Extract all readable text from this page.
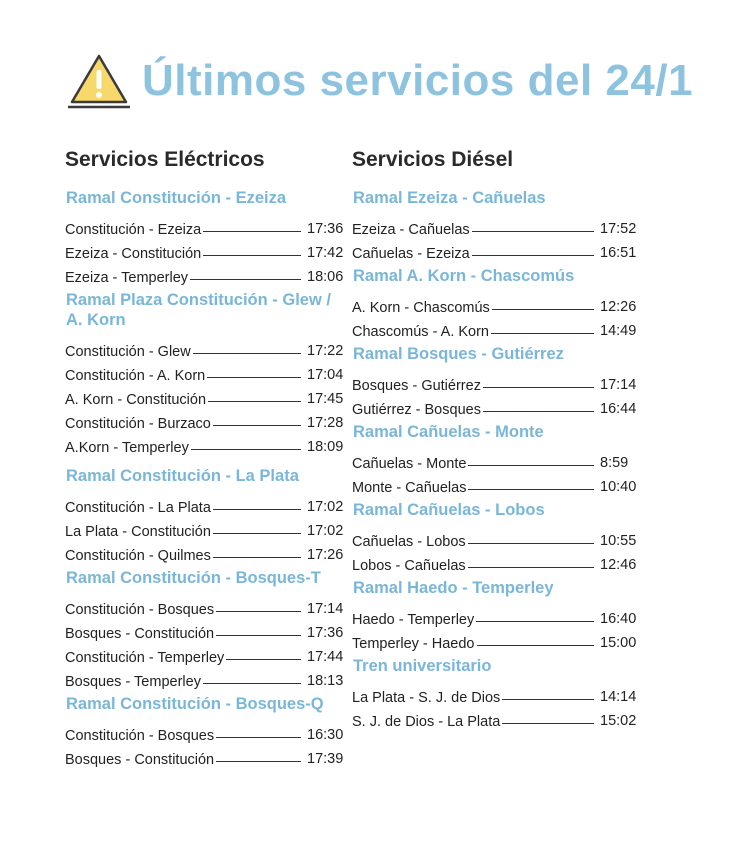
Últimos servicios del 24/1
Servicios Eléctricos
Ramal Constitución - Ezeiza
Constitución - Ezeiza	17:36
Ezeiza - Constitución	17:42
Ezeiza - Temperley	18:06
Ramal Plaza Constitución - Glew / A. Korn
Constitución - Glew	17:22
Constitución - A. Korn	17:04
A. Korn - Constitución	17:45
Constitución - Burzaco	17:28
A.Korn - Temperley	18:09
Ramal Constitución - La Plata
Constitución - La Plata	17:02
La Plata - Constitución	17:02
Constitución - Quilmes	17:26
Ramal Constitución - Bosques-T
Constitución - Bosques	17:14
Bosques - Constitución	17:36
Constitución - Temperley	17:44
Bosques - Temperley	18:13
Ramal Constitución - Bosques-Q
Constitución - Bosques	16:30
Bosques - Constitución	17:39
Servicios Diésel
Ramal Ezeiza - Cañuelas
Ezeiza - Cañuelas	17:52
Cañuelas - Ezeiza	16:51
Ramal A. Korn - Chascomús
A. Korn - Chascomús	12:26
Chascomús - A. Korn	14:49
Ramal Bosques - Gutiérrez
Bosques - Gutiérrez	17:14
Gutiérrez - Bosques	16:44
Ramal Cañuelas - Monte
Cañuelas - Monte	8:59
Monte - Cañuelas	10:40
Ramal Cañuelas - Lobos
Cañuelas - Lobos	10:55
Lobos - Cañuelas	12:46
Ramal Haedo - Temperley
Haedo - Temperley	16:40
Temperley - Haedo	15:00
Tren universitario
La Plata - S. J. de Dios	14:14
S. J. de Dios - La Plata	15:02
